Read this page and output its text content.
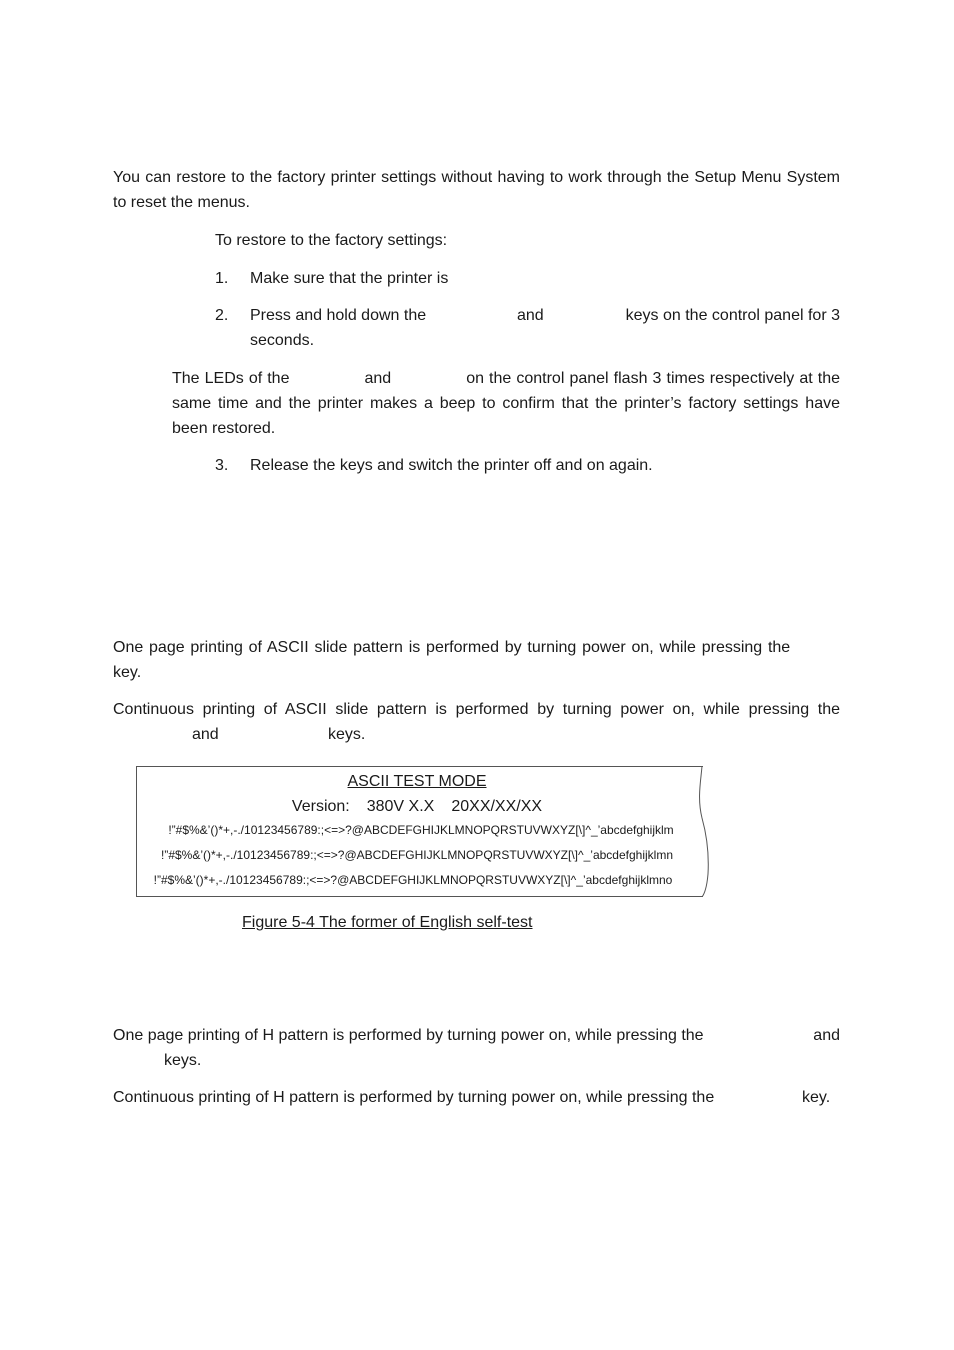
You can restore to the factory printer settings without having to work through the Setup Menu System to reset the menus.

To restore to the factory settings:

1. Make sure that the printer is
2. Press and hold down the	and	keys on the control panel for 3
seconds.

The LEDs of the	and	on the control panel flash 3 times respectively at the same time and the printer makes a beep to confirm that the printer’s factory settings have been restored.

3. Release the keys and switch the printer off and on again.

One page printing of ASCII slide pattern is performed by turning power on, while pressing the key.

Continuous printing of ASCII slide pattern is performed by turning power on, while pressing the
and	keys.
ASCII TEST MODE
Version: 380V X.X 20XX/XX/XX
!”#$%&’()*+,-./10123456789:;<=>?@ABCDEFGHIJKLMNOPQRSTUVWXYZ[\]^_’abcdefghijklm
!”#$%&’()*+,-./10123456789:;<=>?@ABCDEFGHIJKLMNOPQRSTUVWXYZ[\]^_’abcdefghijklmn
!”#$%&’()*+,-./10123456789:;<=>?@ABCDEFGHIJKLMNOPQRSTUVWXYZ[\]^_’abcdefghijklmno

Figure 5-4 The former of English self-test

One page printing of H pattern is performed by turning power on, while pressing the	and
keys.
Continuous printing of H pattern is performed by turning power on, while pressing the	key.
